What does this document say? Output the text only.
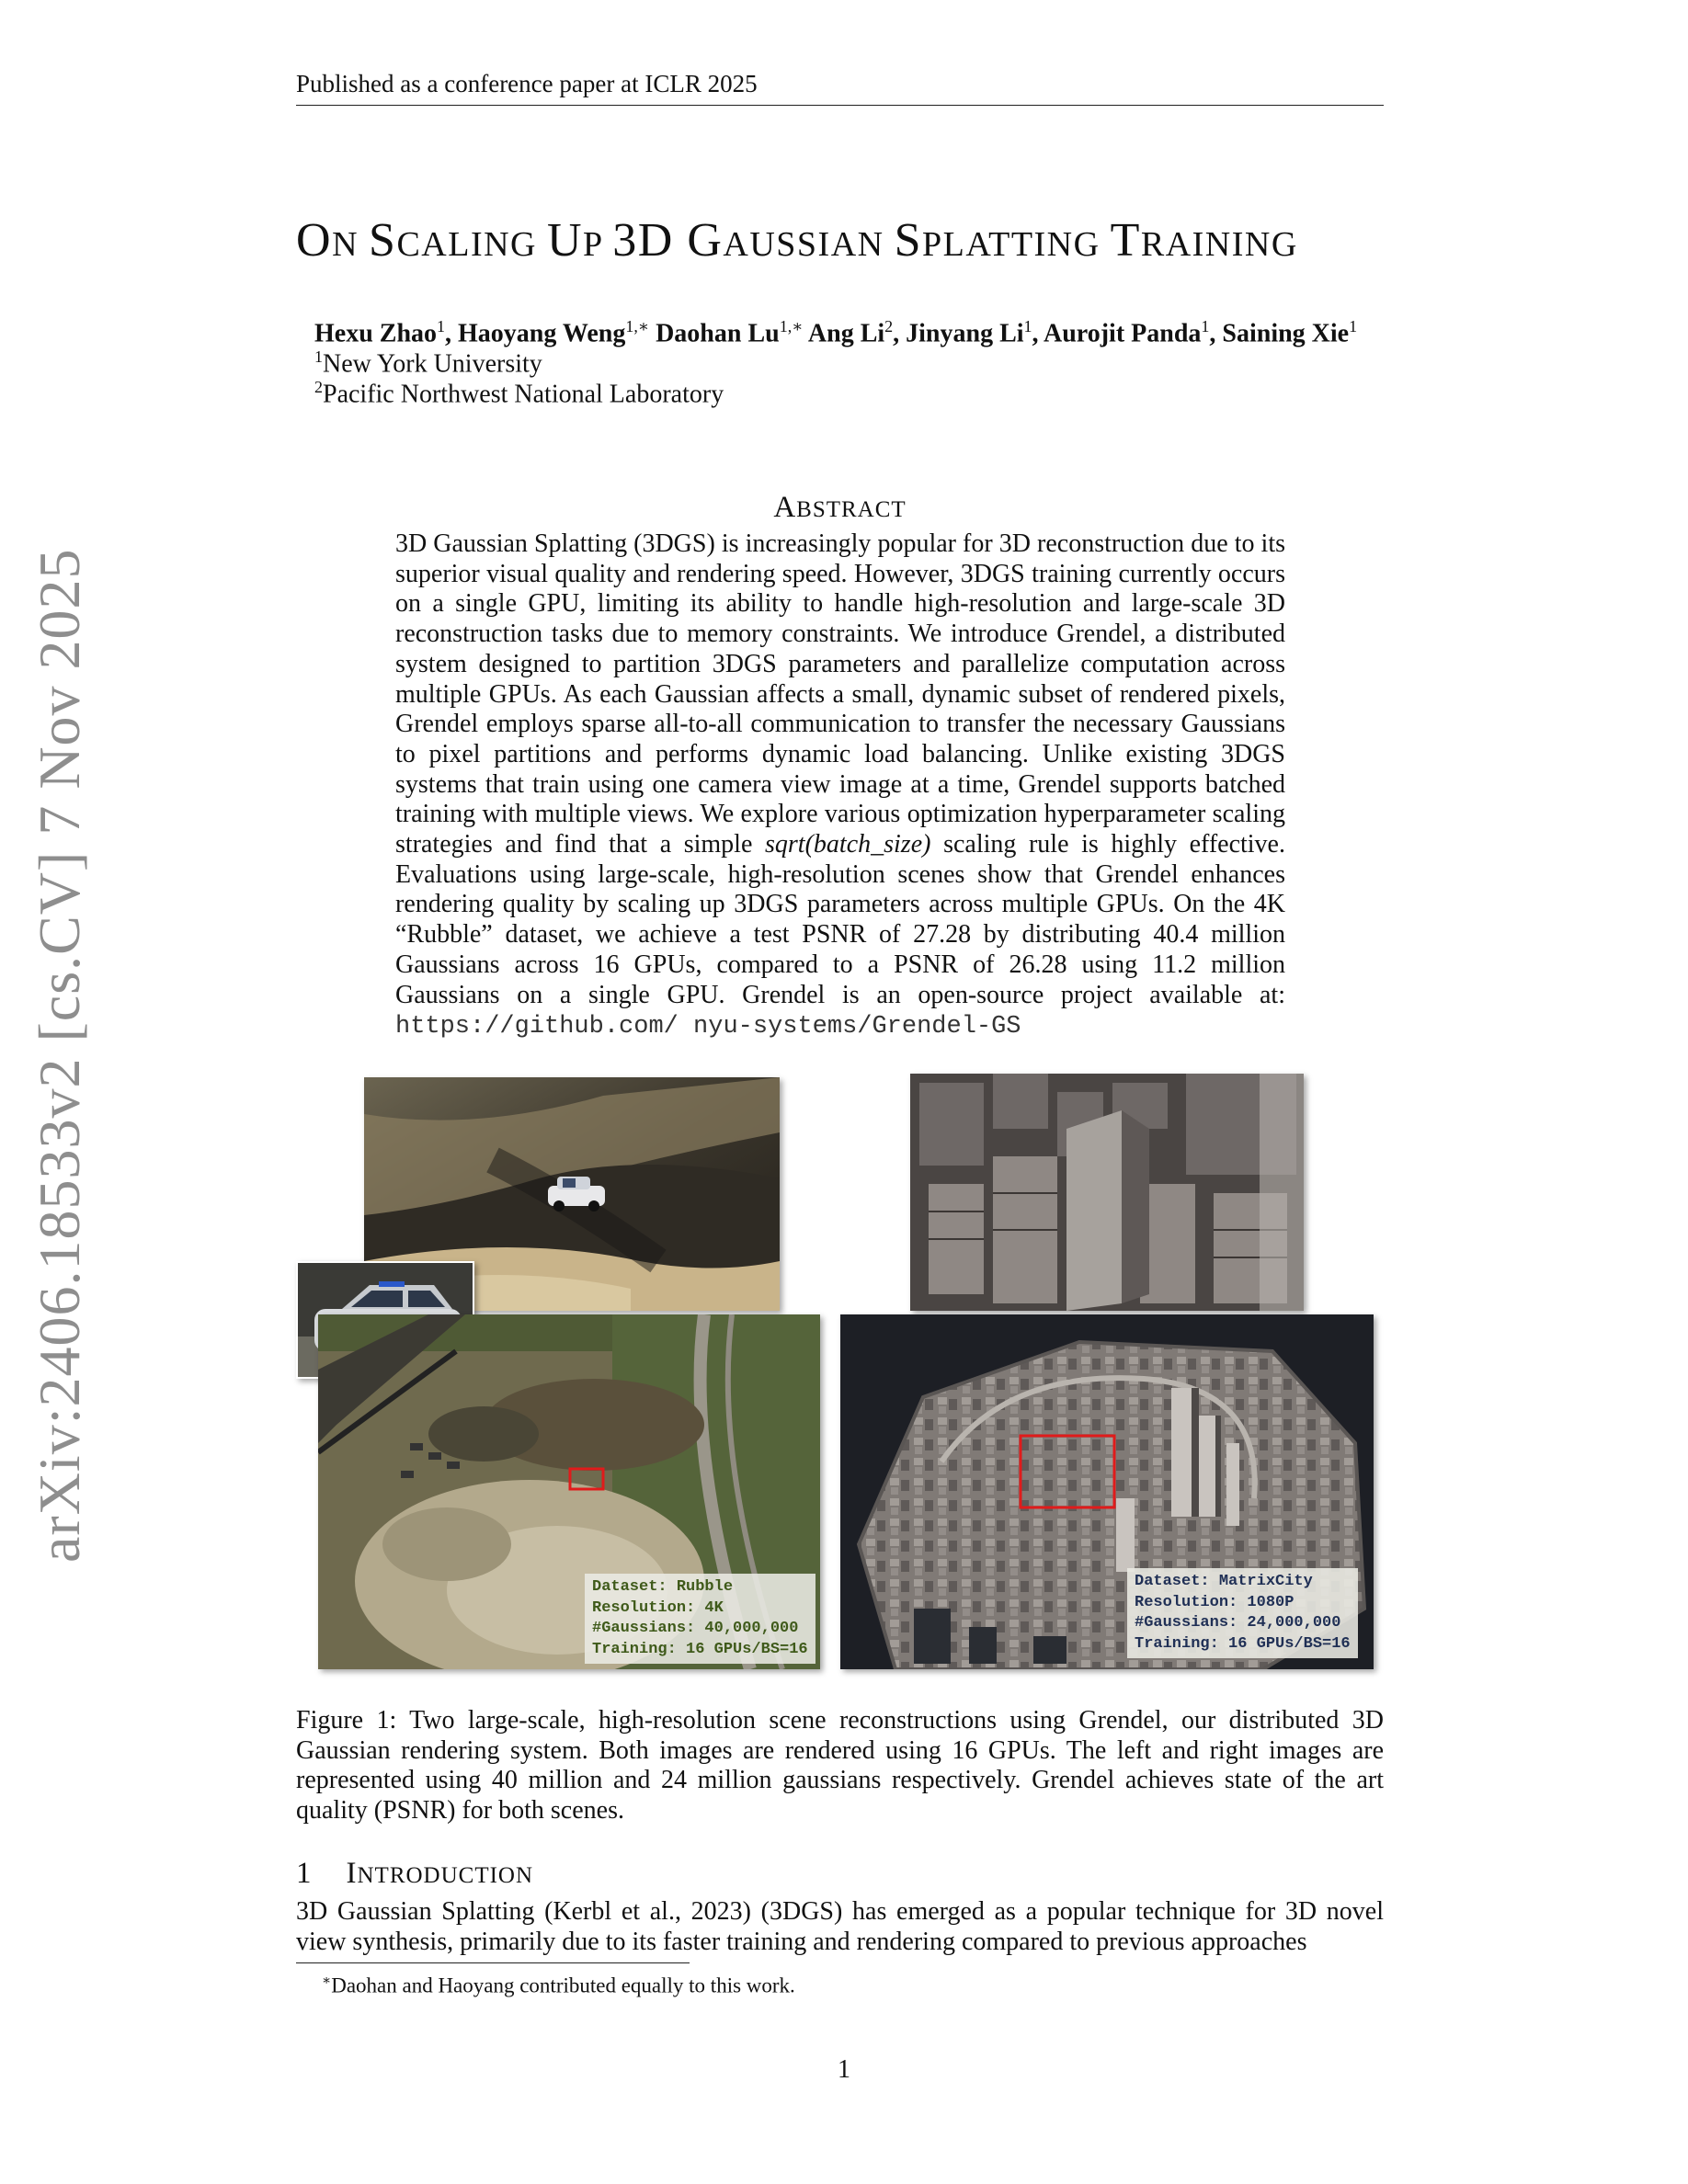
Published as a conference paper at ICLR 2025
arXiv:2406.18533v2 [cs.CV] 7 Nov 2025
ON SCALING UP 3D GAUSSIAN SPLATTING TRAINING
Hexu Zhao$^1$, Haoyang Weng$^{1,∗}$ Daohan $Lu^{1,∗}$ Ang Li$^2$, Jinyang Li$^1$, Aurojit Panda$^1$, Saining Xie$^1$
$^1$New York University
$^2$Pacific Northwest National Laboratory
ABSTRACT
3D Gaussian Splatting (3DGS) is increasingly popular for 3D reconstruction due to its superior visual quality and rendering speed. However, 3DGS training currently occurs on a single GPU, limiting its ability to handle high-resolution and large-scale 3D reconstruction tasks due to memory constraints. We introduce Grendel, a distributed system designed to partition 3DGS parameters and parallelize computation across multiple GPUs. As each Gaussian affects a small, dynamic subset of rendered pixels, Grendel employs sparse all-to-all communication to transfer the necessary Gaussians to pixel partitions and performs dynamic load balancing. Unlike existing 3DGS systems that train using one camera view image at a time, Grendel supports batched training with multiple views. We explore various optimization hyperparameter scaling strategies and find that a simple sqrt(batch_size) scaling rule is highly effective. Evaluations using large-scale, high-resolution scenes show that Grendel enhances rendering quality by scaling up 3DGS parameters across multiple GPUs. On the 4K “Rubble” dataset, we achieve a test PSNR of 27.28 by distributing 40.4 million Gaussians across 16 GPUs, compared to a PSNR of 26.28 using 11.2 million Gaussians on a single GPU. Grendel is an open-source project available at: https://github.com/ nyu-systems/Grendel-GS
Dataset: Rubble
Resolution: 4K
#Gaussians: 40,000,000
Training: 16 GPUs/BS=16
Dataset: MatrixCity
Resolution: 1080P
#Gaussians: 24,000,000
Training: 16 GPUs/BS=16
Figure 1: Two large-scale, high-resolution scene reconstructions using Grendel, our distributed 3D Gaussian rendering system. Both images are rendered using 16 GPUs. The left and right images are represented using 40 million and 24 million gaussians respectively. Grendel achieves state of the art quality (PSNR) for both scenes.
1 INTRODUCTION
3D Gaussian Splatting (Kerbl et al., 2023) (3DGS) has emerged as a popular technique for 3D novel view synthesis, primarily due to its faster training and rendering compared to previous approaches
∗Daohan and Haoyang contributed equally to this work.
1
